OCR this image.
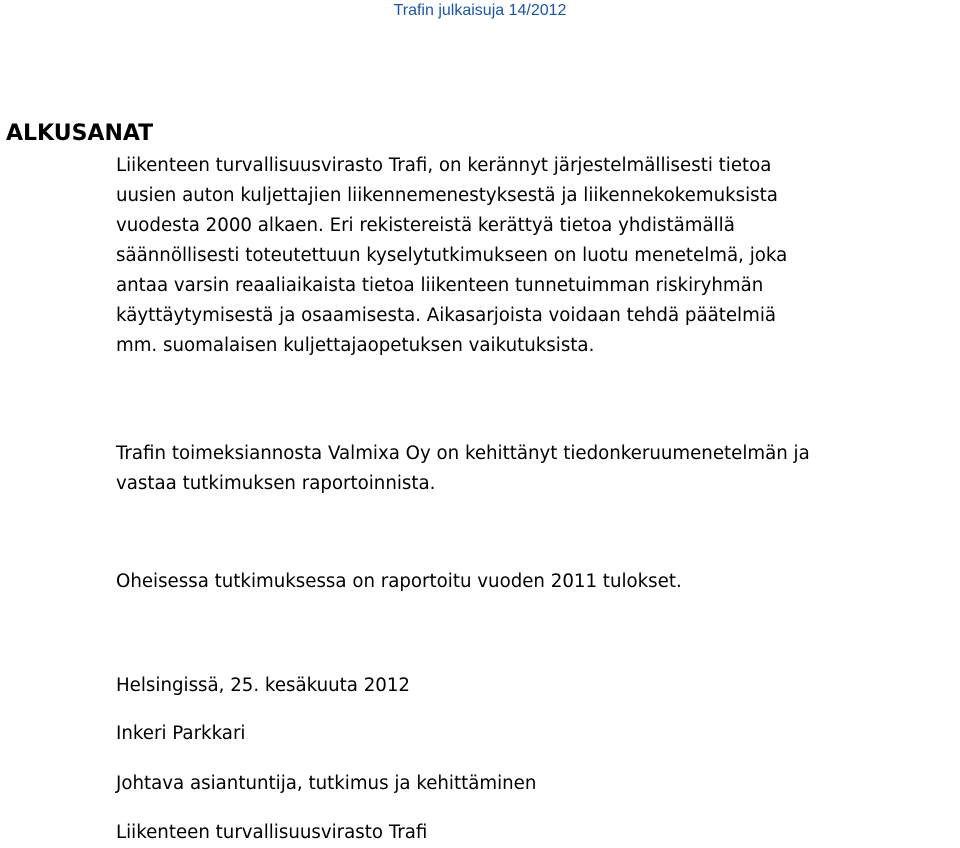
Trafin julkaisuja 14/2012
ALKUSANAT
Liikenteen turvallisuusvirasto Trafi, on kerännyt järjestelmällisesti tietoa
uusien auton kuljettajien liikennemenestyksestä ja liikennekokemuksista
vuodesta 2000 alkaen. Eri rekistereistä kerättyä tietoa yhdistämällä
säännöllisesti toteutettuun kyselytutkimukseen on luotu menetelmä, joka
antaa varsin reaaliaikaista tietoa liikenteen tunnetuimman riskiryhmän
käyttäytymisestä ja osaamisesta. Aikasarjoista voidaan tehdä päätelmiä
mm. suomalaisen kuljettajaopetuksen vaikutuksista.
Trafin toimeksiannosta Valmixa Oy on kehittänyt tiedonkeruumenetelmän ja
vastaa tutkimuksen raportoinnista.
Oheisessa tutkimuksessa on raportoitu vuoden 2011 tulokset.
Helsingissä, 25. kesäkuuta 2012
Inkeri Parkkari
Johtava asiantuntija, tutkimus ja kehittäminen
Liikenteen turvallisuusvirasto Trafi
